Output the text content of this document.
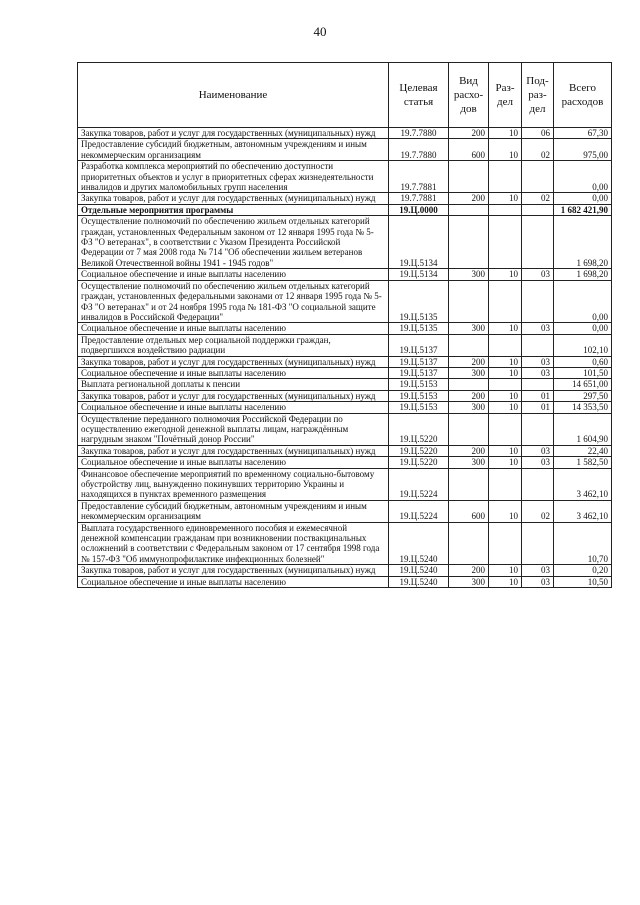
40
Наименование	Целевая статья	Вид расхо-дов	Раз-дел	Под-раз-дел	Всего расходов
Закупка товаров, работ и услуг для государственных (муниципальных) нужд	19.7.7880	200	10	06	67,30
Предоставление субсидий бюджетным, автономным учреждениям и иным некоммерческим организациям	19.7.7880	600	10	02	975,00
Разработка комплекса мероприятий по обеспечению доступности приоритетных объектов и услуг в приоритетных сферах жизнедеятельности инвалидов и других маломобильных групп населения	19.7.7881				0,00
Закупка товаров, работ и услуг для государственных (муниципальных) нужд	19.7.7881	200	10	02	0,00
Отдельные мероприятия программы	19.Ц.0000				1 682 421,90
Осуществление полномочий по обеспечению жильем отдельных категорий граждан, установленных Федеральным законом от 12 января 1995 года № 5-ФЗ "О ветеранах", в соответствии с Указом Президента Российской Федерации от 7 мая 2008 года № 714 "Об обеспечении жильем ветеранов Великой Отечественной войны 1941 - 1945 годов"	19.Ц.5134				1 698,20
Социальное обеспечение и иные выплаты населению	19.Ц.5134	300	10	03	1 698,20
Осуществление полномочий по обеспечению жильем отдельных категорий граждан, установленных федеральными законами от 12 января 1995 года № 5-ФЗ "О ветеранах" и от 24 ноября 1995 года № 181-ФЗ "О социальной защите инвалидов в Российской Федерации"	19.Ц.5135				0,00
Социальное обеспечение и иные выплаты населению	19.Ц.5135	300	10	03	0,00
Предоставление отдельных мер социальной поддержки граждан, подвергшихся воздействию радиации	19.Ц.5137				102,10
Закупка товаров, работ и услуг для государственных (муниципальных) нужд	19.Ц.5137	200	10	03	0,60
Социальное обеспечение и иные выплаты населению	19.Ц.5137	300	10	03	101,50
Выплата региональной доплаты к пенсии	19.Ц.5153				14 651,00
Закупка товаров, работ и услуг для государственных (муниципальных) нужд	19.Ц.5153	200	10	01	297,50
Социальное обеспечение и иные выплаты населению	19.Ц.5153	300	10	01	14 353,50
Осуществление переданного полномочия Российской Федерации по осуществлению ежегодной денежной выплаты лицам, награждённым нагрудным знаком "Почётный донор России"	19.Ц.5220				1 604,90
Закупка товаров, работ и услуг для государственных (муниципальных) нужд	19.Ц.5220	200	10	03	22,40
Социальное обеспечение и иные выплаты населению	19.Ц.5220	300	10	03	1 582,50
Финансовое обеспечение мероприятий по временному социально-бытовому обустройству лиц, вынужденно покинувших территорию Украины и находящихся в пунктах временного размещения	19.Ц.5224				3 462,10
Предоставление субсидий бюджетным, автономным учреждениям и иным некоммерческим организациям	19.Ц.5224	600	10	02	3 462,10
Выплата государственного единовременного пособия и ежемесячной денежной компенсации гражданам при возникновении поствакцинальных осложнений в соответствии с Федеральным законом от 17 сентября 1998 года № 157-ФЗ "Об иммунопрофилактике инфекционных болезней"	19.Ц.5240				10,70
Закупка товаров, работ и услуг для государственных (муниципальных) нужд	19.Ц.5240	200	10	03	0,20
Социальное обеспечение и иные выплаты населению	19.Ц.5240	300	10	03	10,50
